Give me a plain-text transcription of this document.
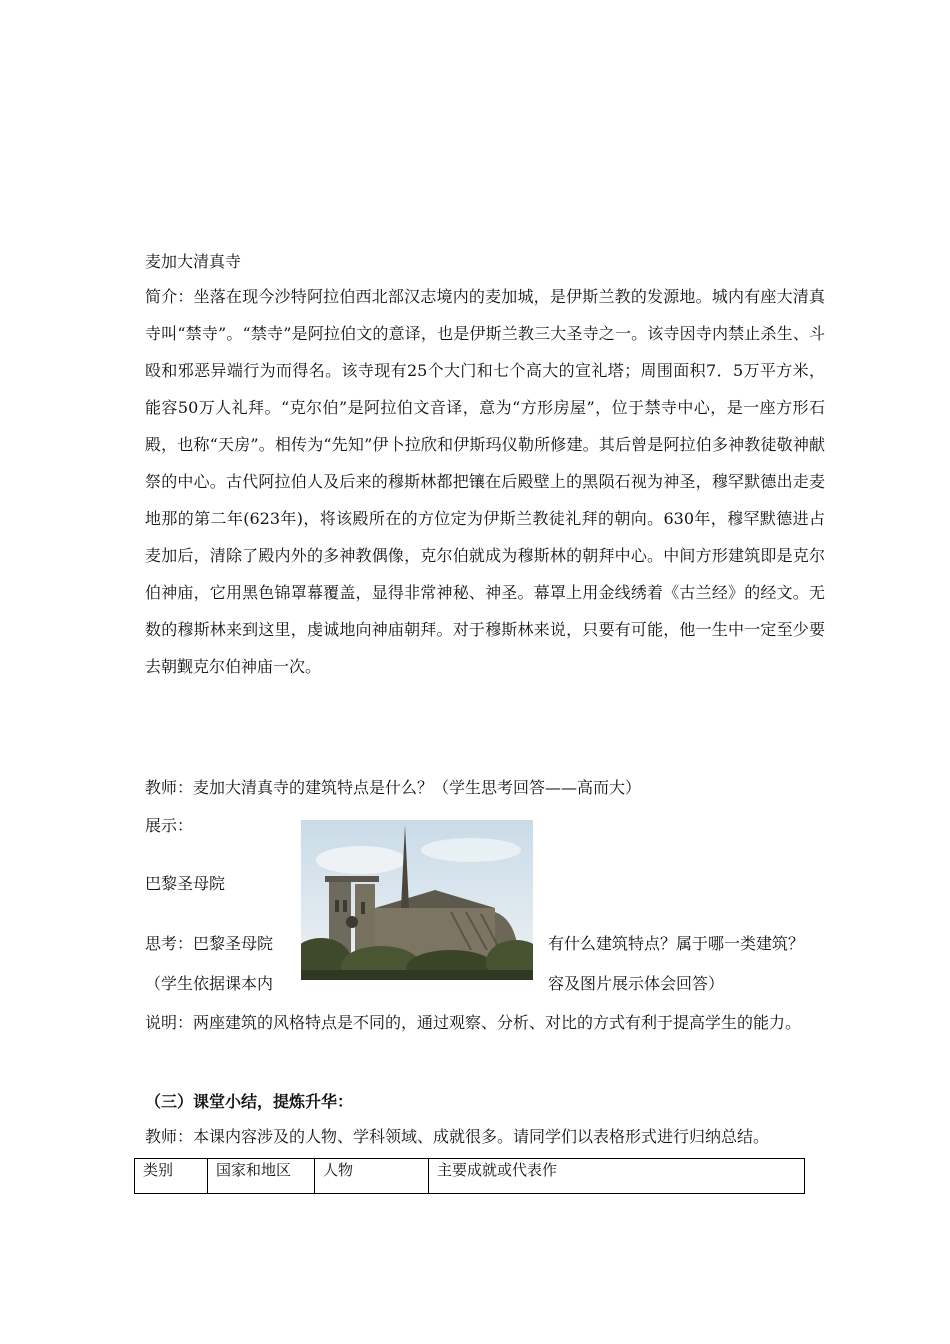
麦加大清真寺
简介：坐落在现今沙特阿拉伯西北部汉志境内的麦加城，是伊斯兰教的发源地。城内有座大清真寺叫“禁寺”。“禁寺”是阿拉伯文的意译，也是伊斯兰教三大圣寺之一。该寺因寺内禁止杀生、斗殴和邪恶异端行为而得名。该寺现有25个大门和七个高大的宣礼塔；周围面积7．5万平方米，能容50万人礼拜。“克尔伯”是阿拉伯文音译，意为“方形房屋”，位于禁寺中心，是一座方形石殿，也称“天房”。相传为“先知”伊卜拉欣和伊斯玛仪勒所修建。其后曾是阿拉伯多神教徒敬神献祭的中心。古代阿拉伯人及后来的穆斯林都把镶在后殿壁上的黑陨石视为神圣，穆罕默德出走麦地那的第二年(623年)，将该殿所在的方位定为伊斯兰教徒礼拜的朝向。630年，穆罕默德进占麦加后，清除了殿内外的多神教偶像，克尔伯就成为穆斯林的朝拜中心。中间方形建筑即是克尔伯神庙，它用黑色锦罩幕覆盖，显得非常神秘、神圣。幕罩上用金线绣着《古兰经》的经文。无数的穆斯林来到这里，虔诚地向神庙朝拜。对于穆斯林来说，只要有可能，他一生中一定至少要去朝觐克尔伯神庙一次。
教师：麦加大清真寺的建筑特点是什么？（学生思考回答——高而大）
展示：
巴黎圣母院
思考：巴黎圣母院	有什么建筑特点？属于哪一类建筑？
（学生依据课本内	容及图片展示体会回答）
说明：两座建筑的风格特点是不同的，通过观察、分析、对比的方式有利于提高学生的能力。
（三）课堂小结，提炼升华：
教师：本课内容涉及的人物、学科领域、成就很多。请同学们以表格形式进行归纳总结。
类别	国家和地区	人物	主要成就或代表作
